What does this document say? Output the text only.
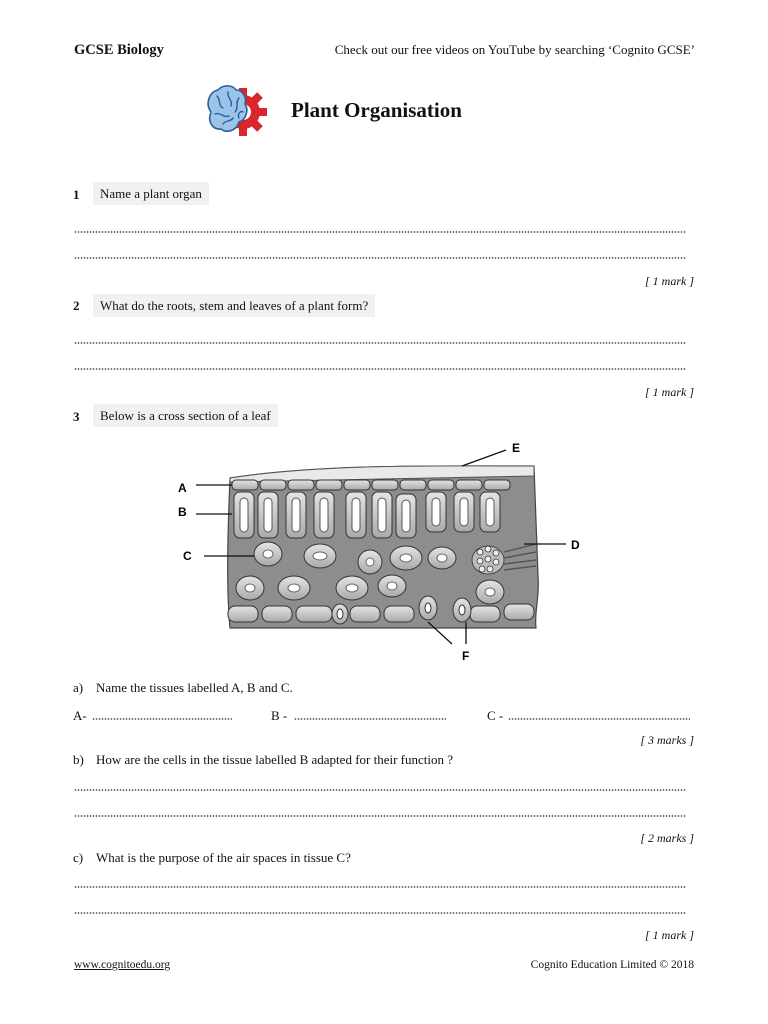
GCSE Biology	Check out our free videos on YouTube by searching ‘Cognito GCSE’
Plant Organisation
1	Name a plant organ
[ 1 mark ]
2	What do the roots, stem and leaves of a plant form?
[ 1 mark ]
3	Below is a cross section of a leaf
A
B
C
D
E
F
a) Name the tissues labelled A, B and C.
A-	B -	C -
[ 3 marks ]
b) How are the cells in the tissue labelled B adapted for their function ?
[ 2 marks ]
c) What is the purpose of the air spaces in tissue C?
[ 1 mark ]
www.cognitoedu.org	Cognito Education Limited © 2018
